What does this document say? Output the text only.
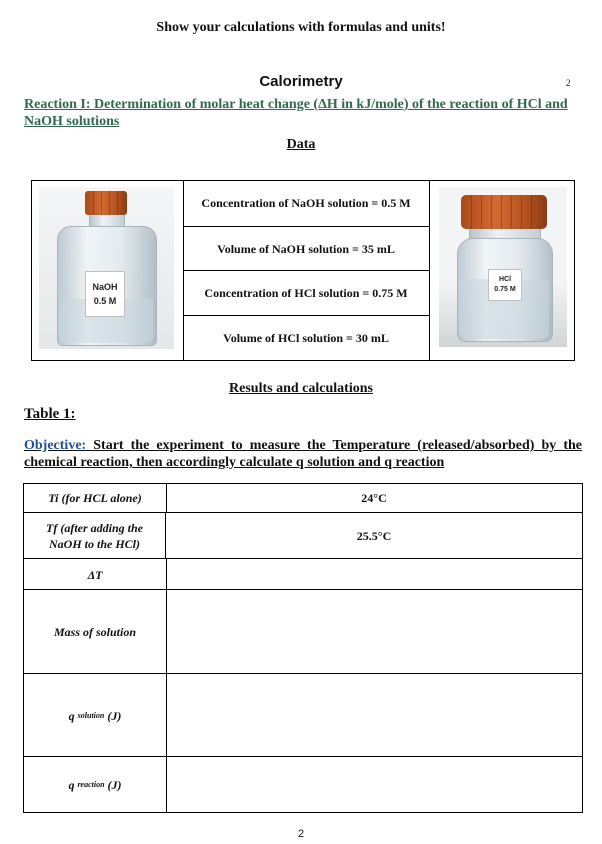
Show your calculations with formulas and units!
Calorimetry	2
Reaction I: Determination of molar heat change (ΔH in kJ/mole) of the reaction of HCl and NaOH solutions
Data
NaOH
0.5 M
Concentration of NaOH solution = 0.5 M
Volume of NaOH solution = 35 mL
Concentration of HCl solution = 0.75 M
Volume of HCl solution = 30 mL
HCl
0.75 M
Results and calculations
Table 1:
Objective: Start the experiment to measure the Temperature (released/absorbed) by the chemical reaction, then accordingly calculate q solution and q reaction
Ti (for HCL alone)	24°C
Tf (after adding the NaOH to the HCl)
25.5°C
ΔT
Mass of solution
q
solution
(J)
q
reaction
(J)
2
